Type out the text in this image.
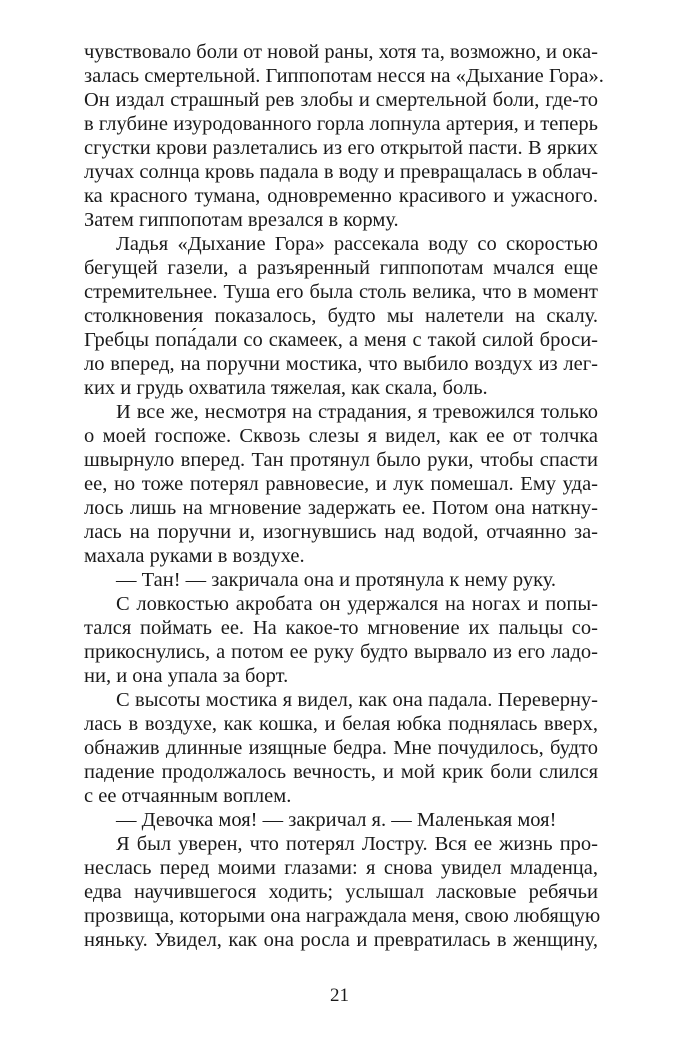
чувствовало боли от новой раны, хотя та, возможно, и ока-
залась смертельной. Гиппопотам несся на «Дыхание Гора».
Он издал страшный рев злобы и смертельной боли, где-то
в глубине изуродованного горла лопнула артерия, и теперь
сгустки крови разлетались из его открытой пасти. В ярких
лучах солнца кровь падала в воду и превращалась в облач-
ка красного тумана, одновременно красивого и ужасного.
Затем гиппопотам врезался в корму.
Ладья «Дыхание Гора» рассекала воду со скоростью
бегущей газели, а разъяренный гиппопотам мчался еще
стремительнее. Туша его была столь велика, что в момент
столкновения показалось, будто мы налетели на скалу.
Гребцы попа́дали со скамеек, а меня с такой силой броси-
ло вперед, на поручни мостика, что выбило воздух из лег-
ких и грудь охватила тяжелая, как скала, боль.
И все же, несмотря на страдания, я тревожился только
о моей госпоже. Сквозь слезы я видел, как ее от толчка
швырнуло вперед. Тан протянул было руки, чтобы спасти
ее, но тоже потерял равновесие, и лук помешал. Ему уда-
лось лишь на мгновение задержать ее. Потом она наткну-
лась на поручни и, изогнувшись над водой, отчаянно за-
махала руками в воздухе.
— Тан! — закричала она и протянула к нему руку.
С ловкостью акробата он удержался на ногах и попы-
тался поймать ее. На какое-то мгновение их пальцы со-
прикоснулись, а потом ее руку будто вырвало из его ладо-
ни, и она упала за борт.
С высоты мостика я видел, как она падала. Переверну-
лась в воздухе, как кошка, и белая юбка поднялась вверх,
обнажив длинные изящные бедра. Мне почудилось, будто
падение продолжалось вечность, и мой крик боли слился
с ее отчаянным воплем.
— Девочка моя! — закричал я. — Маленькая моя!
Я был уверен, что потерял Лостру. Вся ее жизнь про-
неслась перед моими глазами: я снова увидел младенца,
едва научившегося ходить; услышал ласковые ребячьи
прозвища, которыми она награждала меня, свою любящую
няньку. Увидел, как она росла и превратилась в женщину,
21
